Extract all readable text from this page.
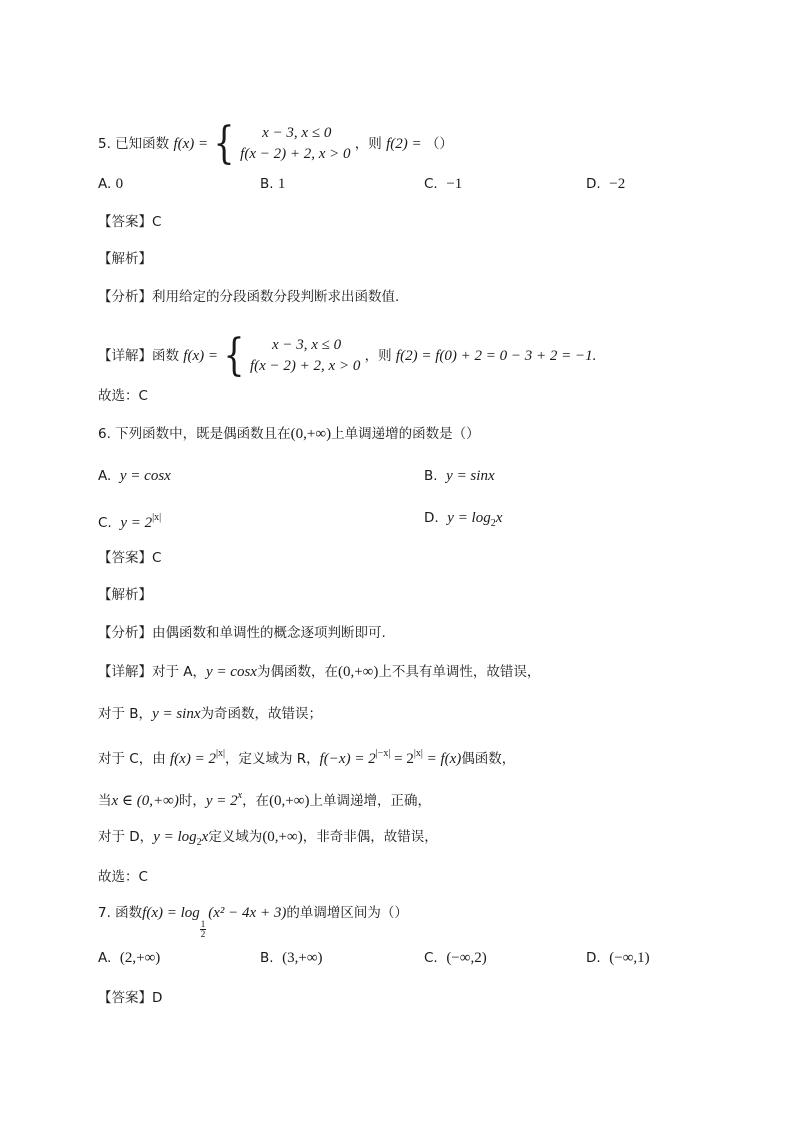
5. 已知函数 f(x) = {	x − 3, x ≤ 0
f(x − 2) + 2, x > 0
，则 f(2) = （）
A. 0	B. 1	C. −1	D. −2
【答案】C
【解析】
【分析】利用给定的分段函数分段判断求出函数值.
【详解】函数 f(x) = {	x − 3, x ≤ 0
f(x − 2) + 2, x > 0
，则 f(2) = f(0) + 2 = 0 − 3 + 2 = −1.
故选：C
6. 下列函数中，既是偶函数且在(0,+∞)上单调递增的函数是（）
A. y = cosx	B. y = sinx
C. $y = 2^{|x|}$	D. $y = \log_2x$
【答案】C
【解析】
【分析】由偶函数和单调性的概念逐项判断即可.
【详解】对于 A，y = cosx为偶函数，在(0,+∞)上不具有单调性，故错误，
对于 B，y = sinx为奇函数，故错误；
对于 C，由 $f(x) = 2^{|x|}$，定义域为 R，$f(-x) = 2^{|-x|} = 2^{|x|} = f(x)$偶函数，
当x ∈ (0,+∞)时，$y = 2^x$，在(0,+∞)上单调递增，正确，
对于 D，$y = \log_2x$定义域为(0,+∞)，非奇非偶，故错误，
故选：C
7. 函数f(x) = log
$\frac{1}{2}$
(x² − 4x + 3)的单调增区间为（）
A. (2,+∞)	B. (3,+∞)	C. (−∞,2)	D. (−∞,1)
【答案】D
